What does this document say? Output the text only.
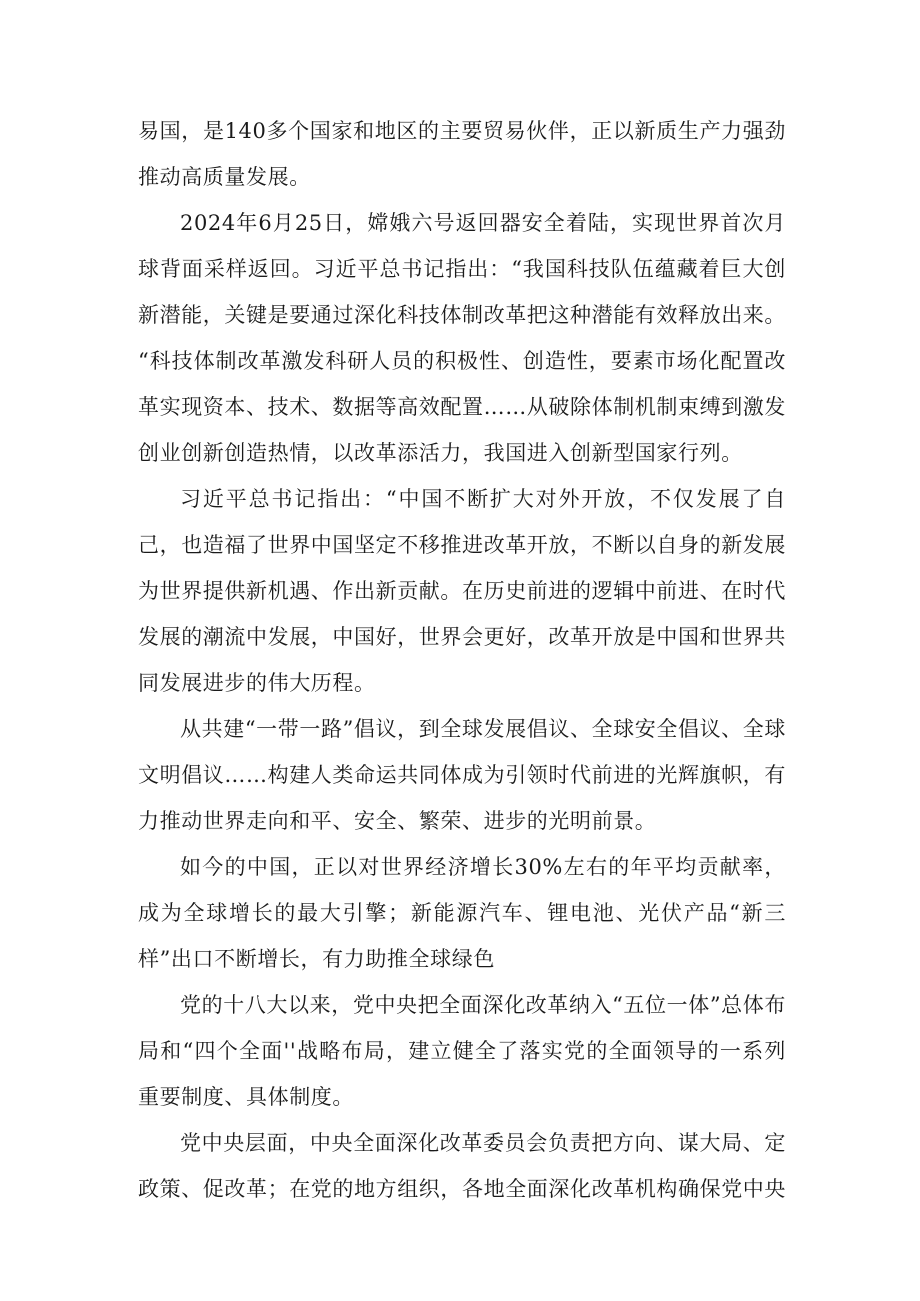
易国，是140多个国家和地区的主要贸易伙伴，正以新质生产力强劲推动高质量发展。

2024年6月25日，嫦娥六号返回器安全着陆，实现世界首次月球背面采样返回。习近平总书记指出：“我国科技队伍蕴藏着巨大创新潜能，关键是要通过深化科技体制改革把这种潜能有效释放出来。

“科技体制改革激发科研人员的积极性、创造性，要素市场化配置改革实现资本、技术、数据等高效配置……从破除体制机制束缚到激发创业创新创造热情，以改革添活力，我国进入创新型国家行列。

习近平总书记指出：“中国不断扩大对外开放，不仅发展了自己，也造福了世界中国坚定不移推进改革开放，不断以自身的新发展为世界提供新机遇、作出新贡献。在历史前进的逻辑中前进、在时代发展的潮流中发展，中国好，世界会更好，改革开放是中国和世界共同发展进步的伟大历程。

从共建“一带一路”倡议，到全球发展倡议、全球安全倡议、全球文明倡议……构建人类命运共同体成为引领时代前进的光辉旗帜，有力推动世界走向和平、安全、繁荣、进步的光明前景。

如今的中国，正以对世界经济增长30%左右的年平均贡献率，成为全球增长的最大引擎；新能源汽车、锂电池、光伏产品“新三样”出口不断增长，有力助推全球绿色

党的十八大以来，党中央把全面深化改革纳入“五位一体”总体布局和“四个全面''战略布局，建立健全了落实党的全面领导的一系列重要制度、具体制度。

党中央层面，中央全面深化改革委员会负责把方向、谋大局、定政策、促改革；在党的地方组织，各地全面深化改革机构确保党中央
